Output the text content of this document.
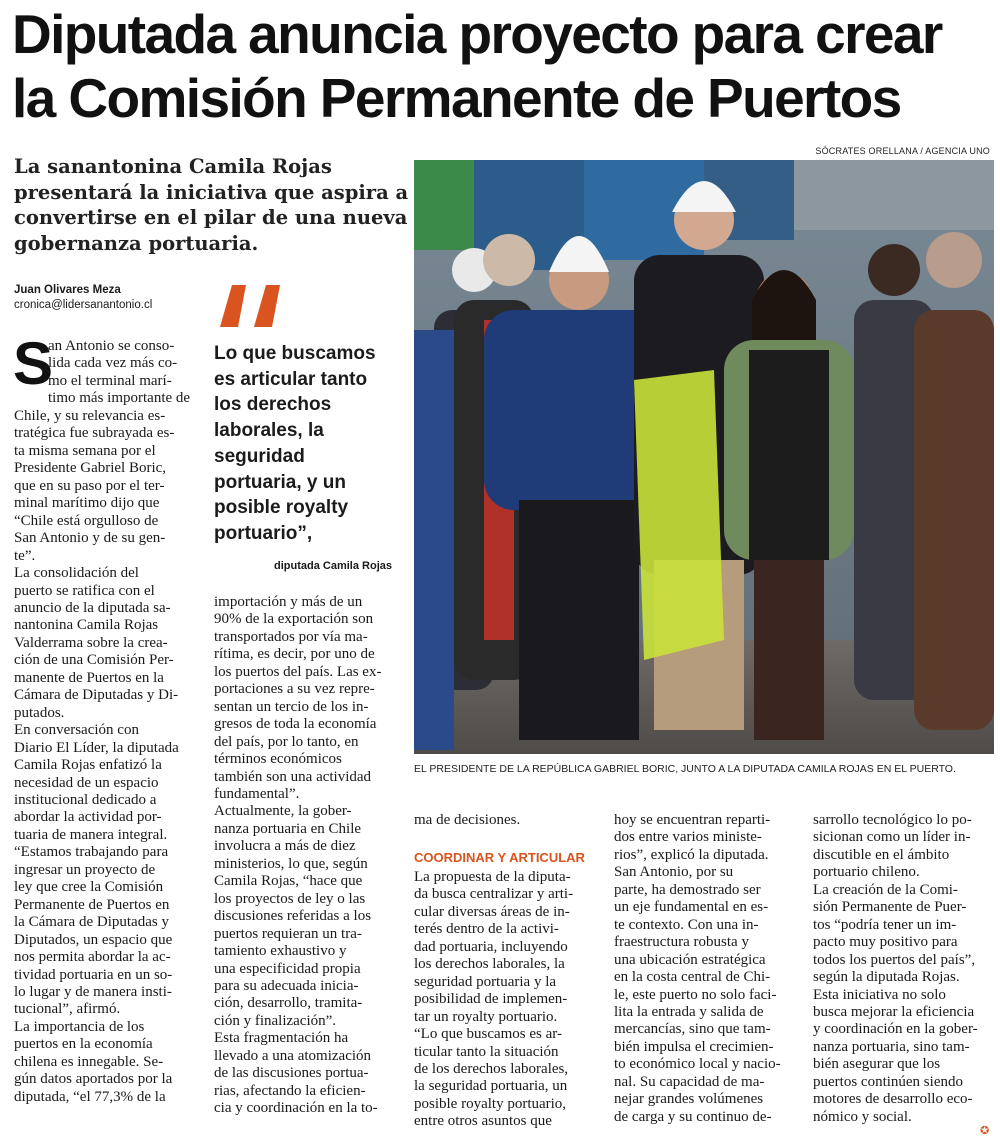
Diputada anuncia proyecto para crear
la Comisión Permanente de Puertos
La sanantonina Camila Rojas
presentará la iniciativa que aspira a
convertirse en el pilar de una nueva
gobernanza portuaria.
Juan Olivares Meza
cronica@lidersanantonio.cl
S
an Antonio se conso-
lida cada vez más co-
mo el terminal marí-
timo más importante de
Chile, y su relevancia es-
tratégica fue subrayada es-
ta misma semana por el
Presidente Gabriel Boric,
que en su paso por el ter-
minal marítimo dijo que
“Chile está orgulloso de
San Antonio y de su gen-
te”.
La consolidación del
puerto se ratifica con el
anuncio de la diputada sa-
nantonina Camila Rojas
Valderrama sobre la crea-
ción de una Comisión Per-
manente de Puertos en la
Cámara de Diputadas y Di-
putados.
En conversación con
Diario El Líder, la diputada
Camila Rojas enfatizó la
necesidad de un espacio
institucional dedicado a
abordar la actividad por-
tuaria de manera integral.
“Estamos trabajando para
ingresar un proyecto de
ley que cree la Comisión
Permanente de Puertos en
la Cámara de Diputadas y
Diputados, un espacio que
nos permita abordar la ac-
tividad portuaria en un so-
lo lugar y de manera insti-
tucional”, afirmó.
La importancia de los
puertos en la economía
chilena es innegable. Se-
gún datos aportados por la
diputada, “el 77,3% de la
Lo que buscamos
es articular tanto
los derechos
laborales, la
seguridad
portuaria, y un
posible royalty
portuario”,
diputada Camila Rojas
importación y más de un
90% de la exportación son
transportados por vía ma-
rítima, es decir, por uno de
los puertos del país. Las ex-
portaciones a su vez repre-
sentan un tercio de los in-
gresos de toda la economía
del país, por lo tanto, en
términos económicos
también son una actividad
fundamental”.
Actualmente, la gober-
nanza portuaria en Chile
involucra a más de diez
ministerios, lo que, según
Camila Rojas, “hace que
los proyectos de ley o las
discusiones referidas a los
puertos requieran un tra-
tamiento exhaustivo y
una especificidad propia
para su adecuada inicia-
ción, desarrollo, tramita-
ción y finalización”.
Esta fragmentación ha
llevado a una atomización
de las discusiones portua-
rias, afectando la eficien-
cia y coordinación en la to-
SÓCRATES ORELLANA / AGENCIA UNO
EL PRESIDENTE DE LA REPÚBLICA GABRIEL BORIC, JUNTO A LA DIPUTADA CAMILA ROJAS EN EL PUERTO.
ma de decisiones.
COORDINAR Y ARTICULAR
La propuesta de la diputa-
da busca centralizar y arti-
cular diversas áreas de in-
terés dentro de la activi-
dad portuaria, incluyendo
los derechos laborales, la
seguridad portuaria y la
posibilidad de implemen-
tar un royalty portuario.
“Lo que buscamos es ar-
ticular tanto la situación
de los derechos laborales,
la seguridad portuaria, un
posible royalty portuario,
entre otros asuntos que
hoy se encuentran reparti-
dos entre varios ministe-
rios”, explicó la diputada.
San Antonio, por su
parte, ha demostrado ser
un eje fundamental en es-
te contexto. Con una in-
fraestructura robusta y
una ubicación estratégica
en la costa central de Chi-
le, este puerto no solo faci-
lita la entrada y salida de
mercancías, sino que tam-
bién impulsa el crecimien-
to económico local y nacio-
nal. Su capacidad de ma-
nejar grandes volúmenes
de carga y su continuo de-
sarrollo tecnológico lo po-
sicionan como un líder in-
discutible en el ámbito
portuario chileno.
La creación de la Comi-
sión Permanente de Puer-
tos “podría tener un im-
pacto muy positivo para
todos los puertos del país”,
según la diputada Rojas.
Esta iniciativa no solo
busca mejorar la eficiencia
y coordinación en la gober-
nanza portuaria, sino tam-
bién asegurar que los
puertos continúen siendo
motores de desarrollo eco-
nómico y social.
✪
